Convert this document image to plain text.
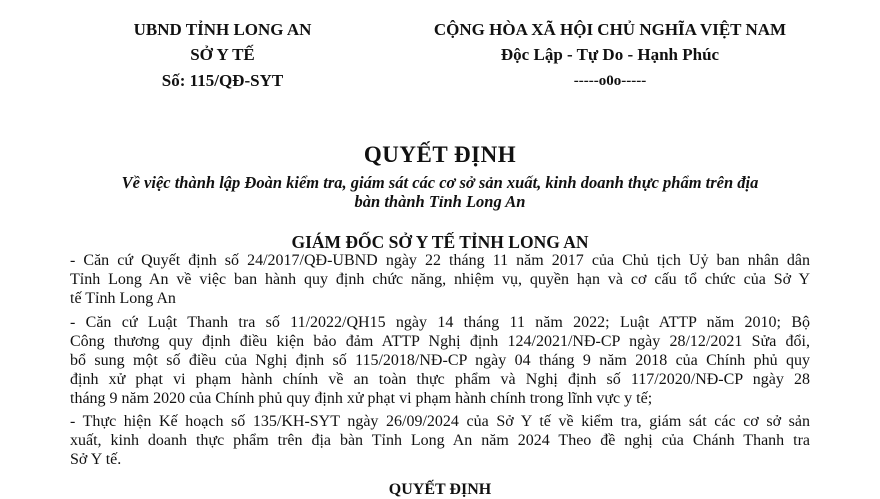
UBND TỈNH LONG AN
SỞ Y TẾ
Số: 115/QĐ-SYT
CỘNG HÒA XÃ HỘI CHỦ NGHĨA VIỆT NAM
Độc Lập - Tự Do - Hạnh Phúc
-----o0o-----
QUYẾT ĐỊNH
Về việc thành lập Đoàn kiểm tra, giám sát các cơ sở sản xuất, kinh doanh thực phẩm trên địa
bàn thành Tỉnh Long An
GIÁM ĐỐC SỞ Y TẾ TỈNH LONG AN
- Căn cứ Quyết định số 24/2017/QĐ-UBND ngày 22 tháng 11 năm 2017 của Chủ tịch Uỷ ban nhân dân
Tỉnh Long An về việc ban hành quy định chức năng, nhiệm vụ, quyền hạn và cơ cấu tổ chức của Sở Y
tế Tỉnh Long An
- Căn cứ Luật Thanh tra số 11/2022/QH15 ngày 14 tháng 11 năm 2022; Luật ATTP năm 2010; Bộ
Công thương quy định điều kiện bảo đảm ATTP Nghị định 124/2021/NĐ-CP ngày 28/12/2021 Sửa đổi,
bổ sung một số điều của Nghị định số 115/2018/NĐ-CP ngày 04 tháng 9 năm 2018 của Chính phủ quy
định xử phạt vi phạm hành chính về an toàn thực phẩm và Nghị định số 117/2020/NĐ-CP ngày 28
tháng 9 năm 2020 của Chính phủ quy định xử phạt vi phạm hành chính trong lĩnh vực y tế;
- Thực hiện Kế hoạch số 135/KH-SYT ngày 26/09/2024 của Sở Y tế về kiểm tra, giám sát các cơ sở sản
xuất, kinh doanh thực phẩm trên địa bàn Tỉnh Long An năm 2024 Theo đề nghị của Chánh Thanh tra
Sở Y tế.
QUYẾT ĐỊNH
